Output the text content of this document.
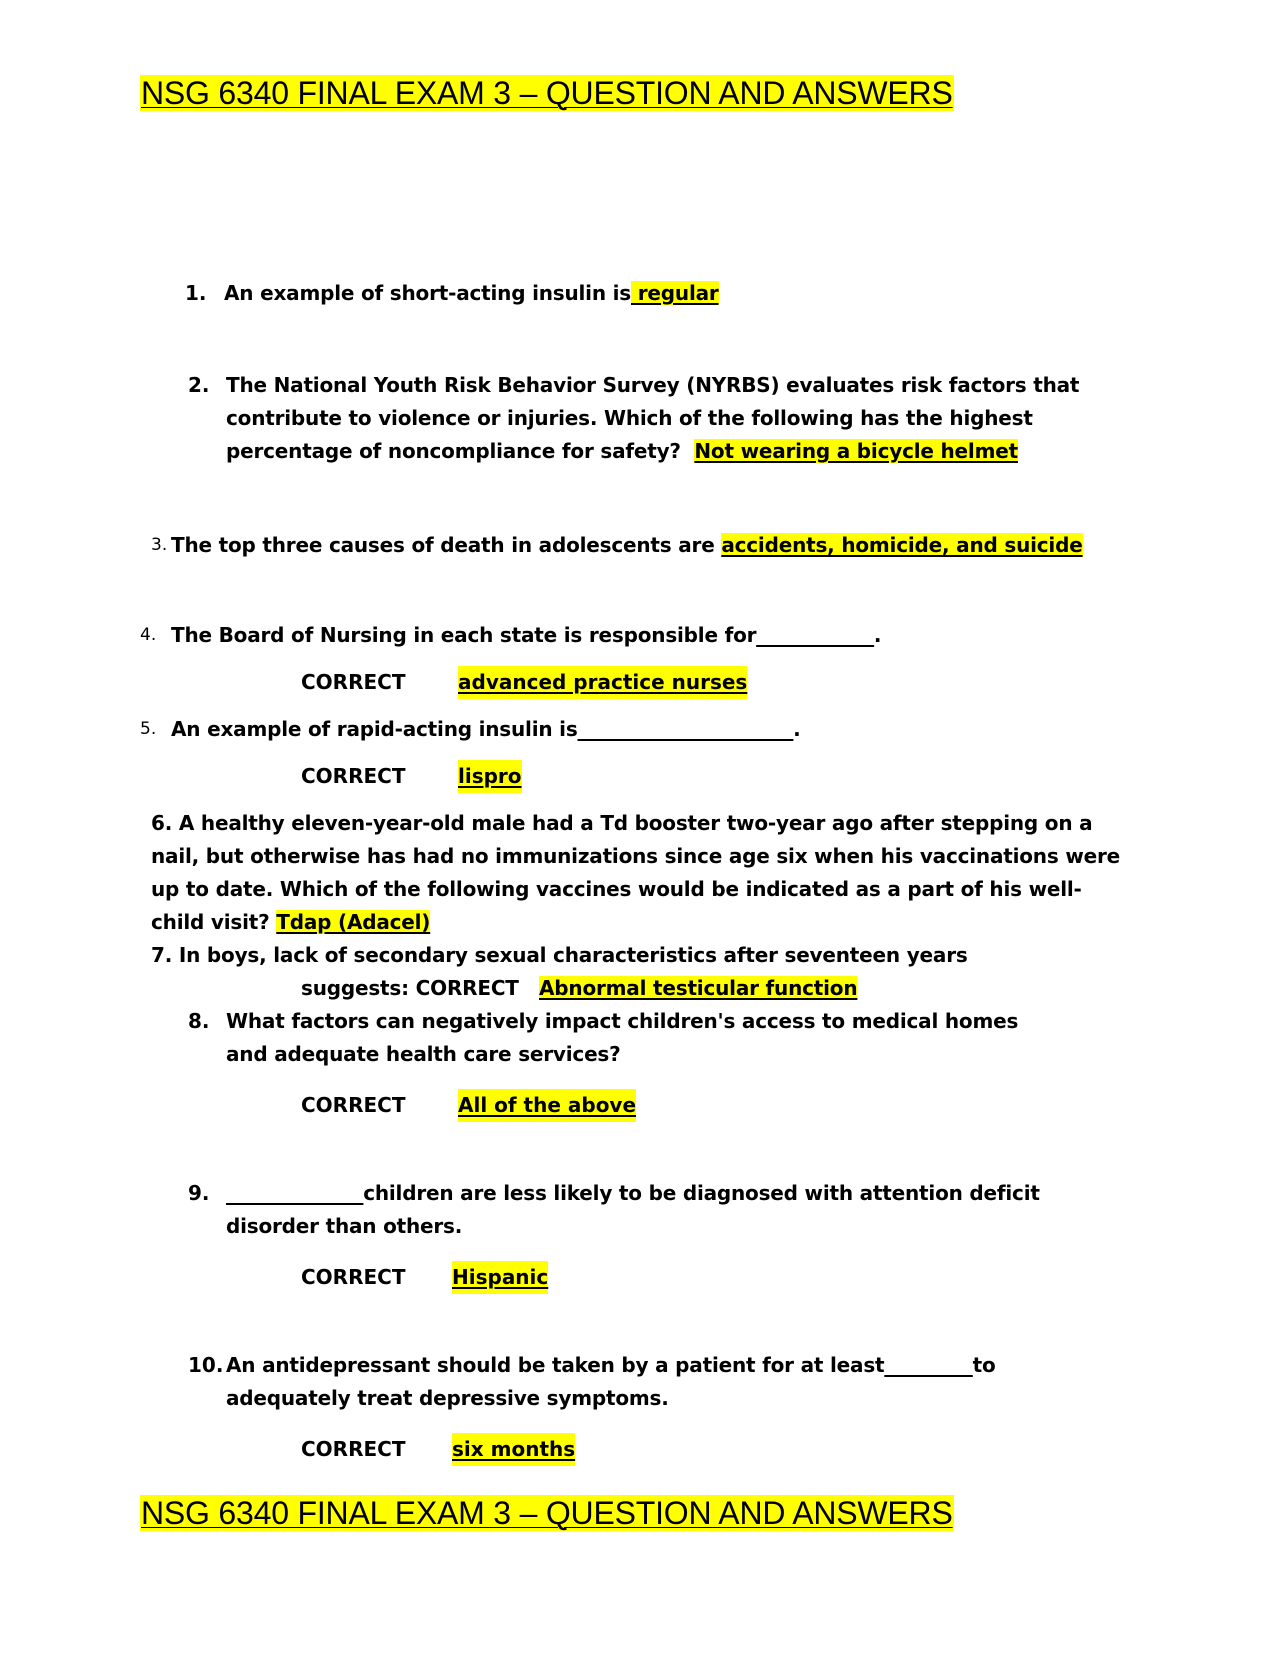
NSG 6340 FINAL EXAM 3 – QUESTION AND ANSWERS
1. An example of short-acting insulin is regular

2. The National Youth Risk Behavior Survey (NYRBS) evaluates risk factors that contribute to violence or injuries. Which of the following has the highest percentage of noncompliance for safety? Not wearing a bicycle helmet

3. The top three causes of death in adolescents are accidents, homicide, and suicide

4. The Board of Nursing in each state is responsible for____________.

CORRECT	advanced practice nurses
5. An example of rapid-acting insulin is______________________.

CORRECT	lispro

6. A healthy eleven-year-old male had a Td booster two-year ago after stepping on a nail, but otherwise has had no immunizations since age six when his vaccinations were up to date. Which of the following vaccines would be indicated as a part of his well-child visit? Tdap (Adacel)

7. In boys, lack of secondary sexual characteristics after seventeen years

suggests: CORRECT Abnormal testicular function

8. What factors can negatively impact children's access to medical homes and adequate health care services?

CORRECT	All of the above
9. ______________children are less likely to be diagnosed with attention deficit disorder than others.

CORRECT Hispanic
10. An antidepressant should be taken by a patient for at least_________to adequately treat depressive symptoms.

CORRECT six months
NSG 6340 FINAL EXAM 3 – QUESTION AND ANSWERS
